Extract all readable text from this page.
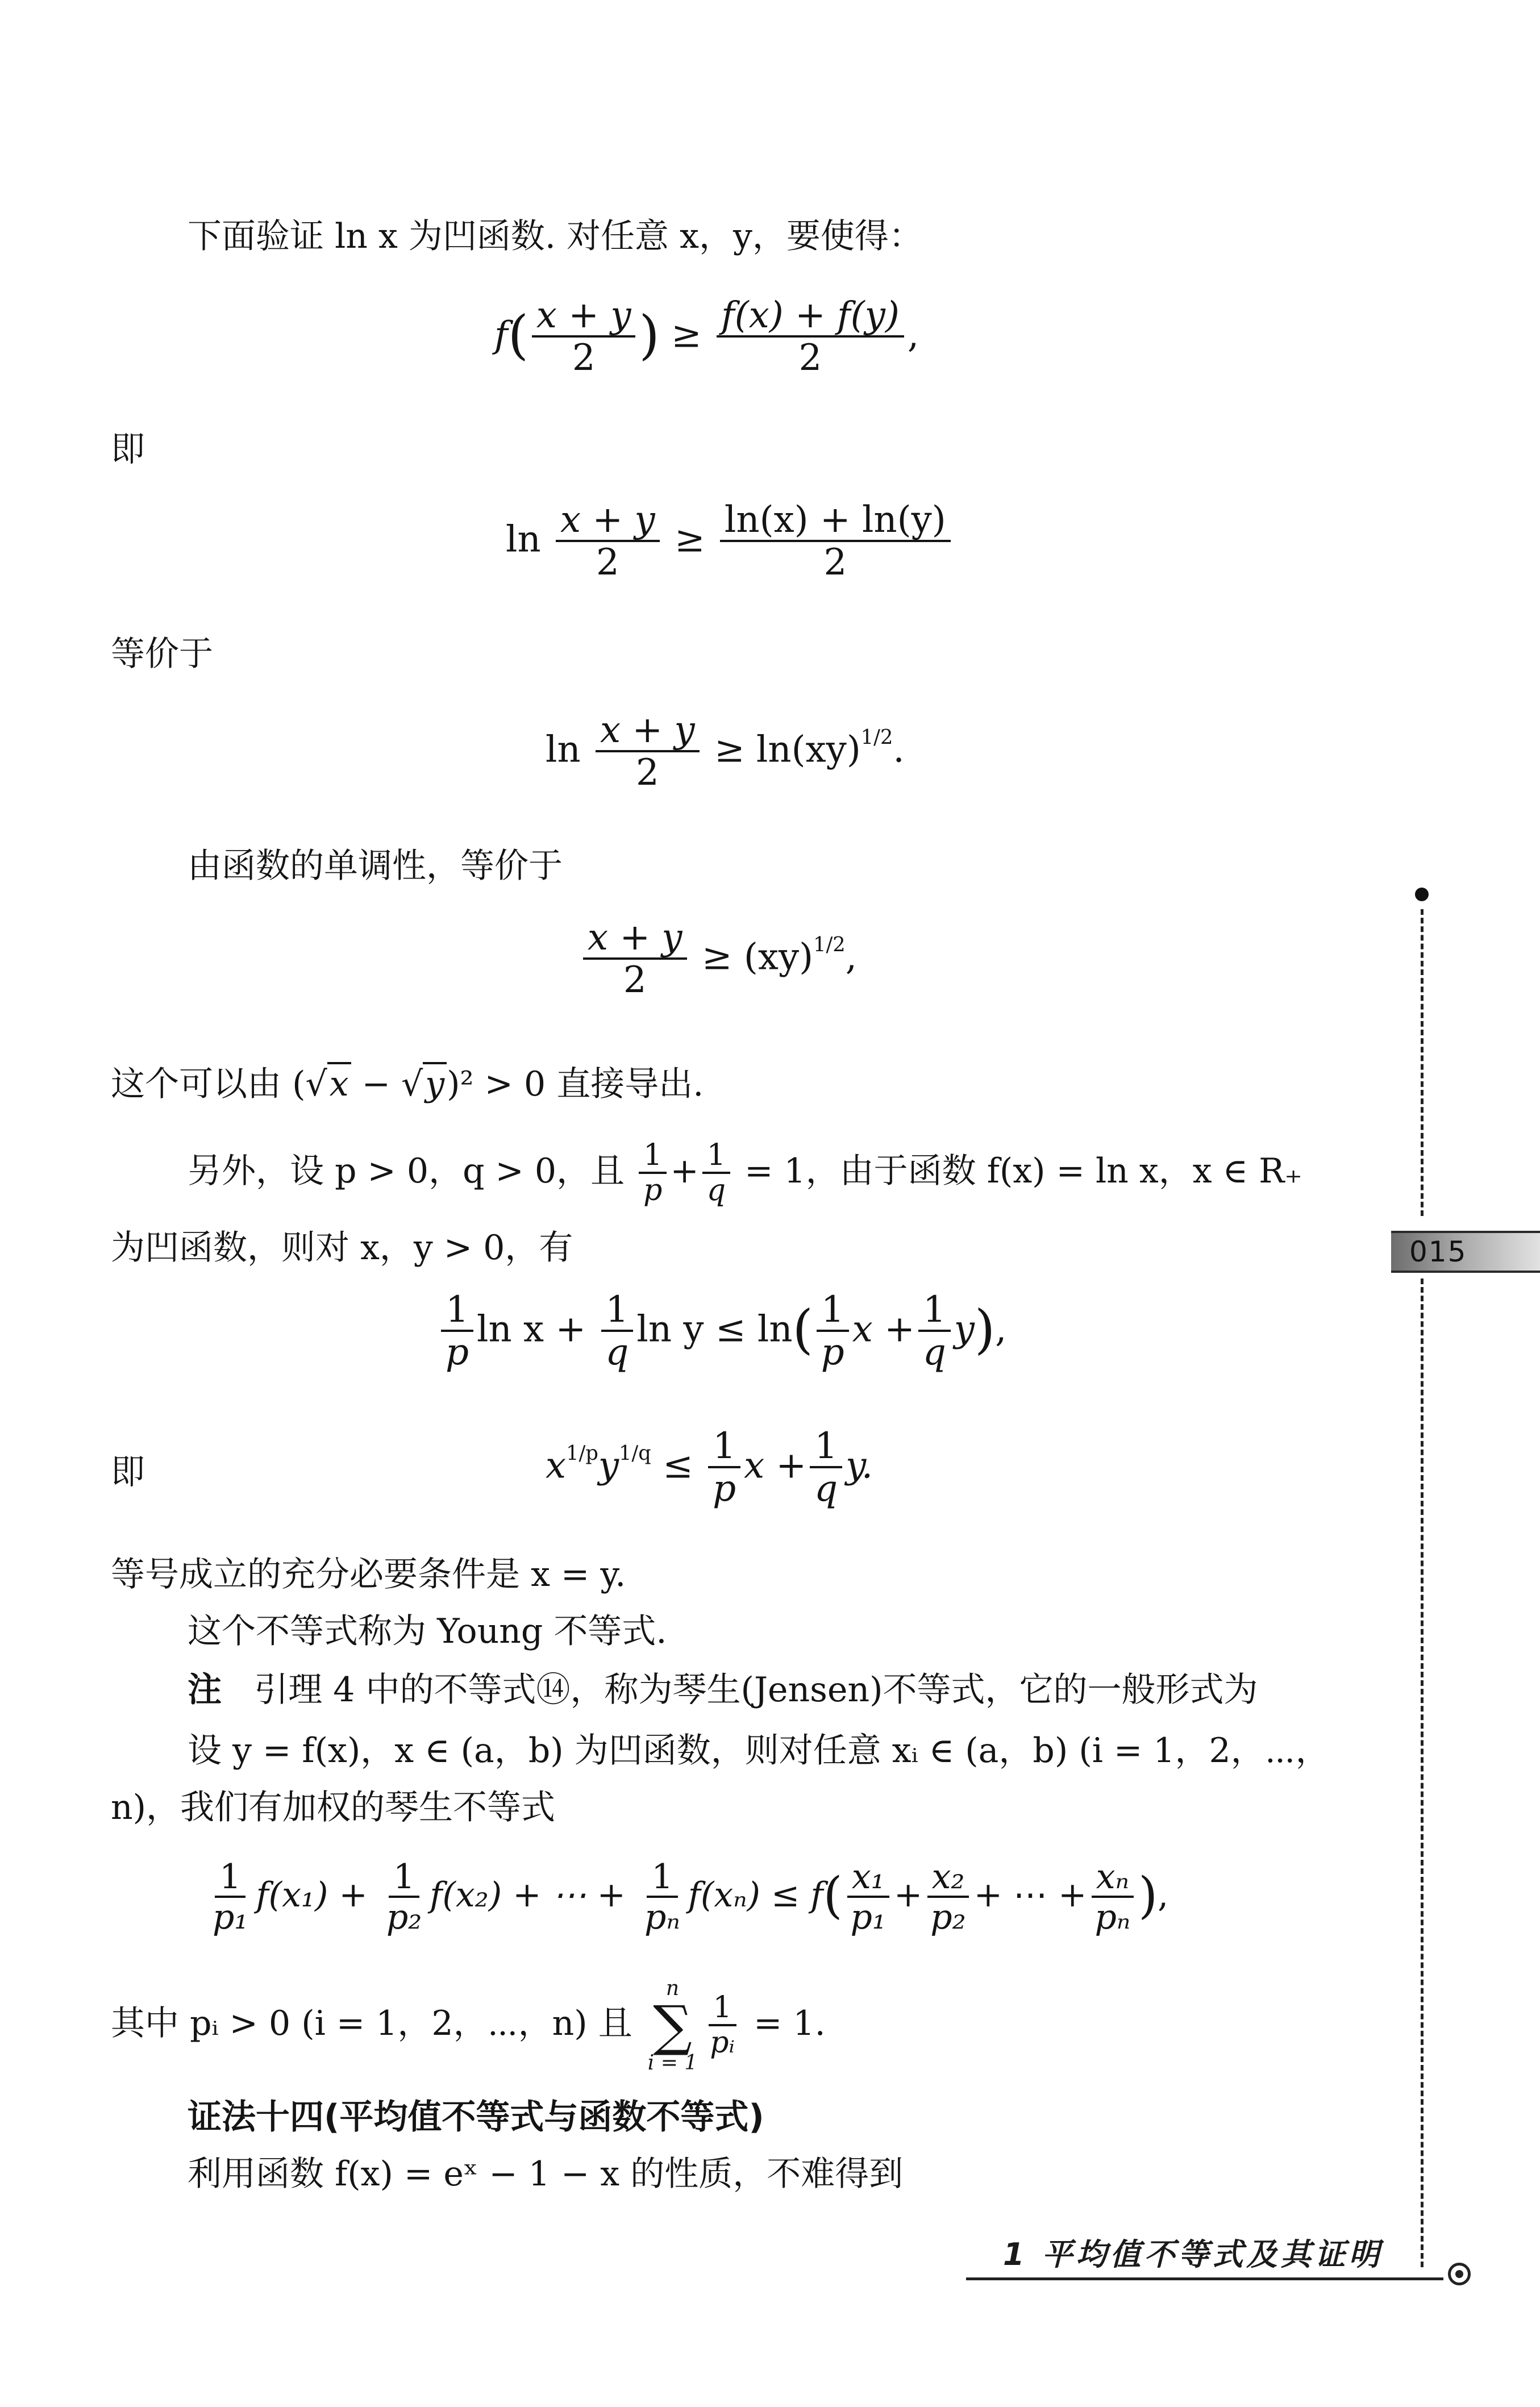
下面验证 ln x 为凹函数. 对任意 x，y，要使得：
$f( \frac{x + y}{2}$ ) ≥ $\frac{f(x) + f(y)}{2}$ ,
即
$\ln \frac{x + y}{2} \ge \frac{\ln(x) + \ln(y)}{2}$
等价于
$\ln \frac{x + y}{2} \ge \ln(xy)^{1/2}$.
由函数的单调性，等价于
$\frac{x + y}{2} \ge (xy)^{1/2}$,
这个可以由 (√x − √y)² > 0 直接导出.
另外，设 p > 0，q > 0，且 $\frac{1}{p} + \frac{1}{q} = 1$，由于函数 f(x) = ln x，x ∈ R₊
为凹函数，则对 x，y > 0，有
$\frac{1}{p}$ $\ln x + \frac{1}{q}$ $\ln y \le \ln( \frac{1}{p}$ $x + \frac{1}{q} y$),
即	$x^{1/p}y^{1/q} \le \frac{1}{p}$ $x + \frac{1}{q} y$.
等号成立的充分必要条件是 x = y.
这个不等式称为 Young 不等式.
注 引理 4 中的不等式⑭，称为琴生(Jensen)不等式，它的一般形式为
设 y = f(x)，x ∈ (a，b) 为凹函数，则对任意 xᵢ ∈ (a，b) (i = 1，2，⋯，
n)，我们有加权的琴生不等式
$\frac{1}{\text{p₁}} f(x_1) + \frac{1}{\text{p₂}} f(x_2)$ + ⋯ + $\frac{1}{\text{pₙ}} f(x_n) \le f( \frac{\text{x₁}}{\text{p₁}} + \frac{\text{x₂}}{\text{p₂}}$ + ⋯ + $\frac{\text{xₙ}}{\text{pₙ}}$ ),
其中 pᵢ > 0 (i = 1，2，⋯，n) 且
n
∑
i = 1
$\frac{1}{\text{pᵢ}} = 1$.
证法十四(平均值不等式与函数不等式)
利用函数 f(x) = eˣ − 1 − x 的性质，不难得到
015
1 平均值不等式及其证明
